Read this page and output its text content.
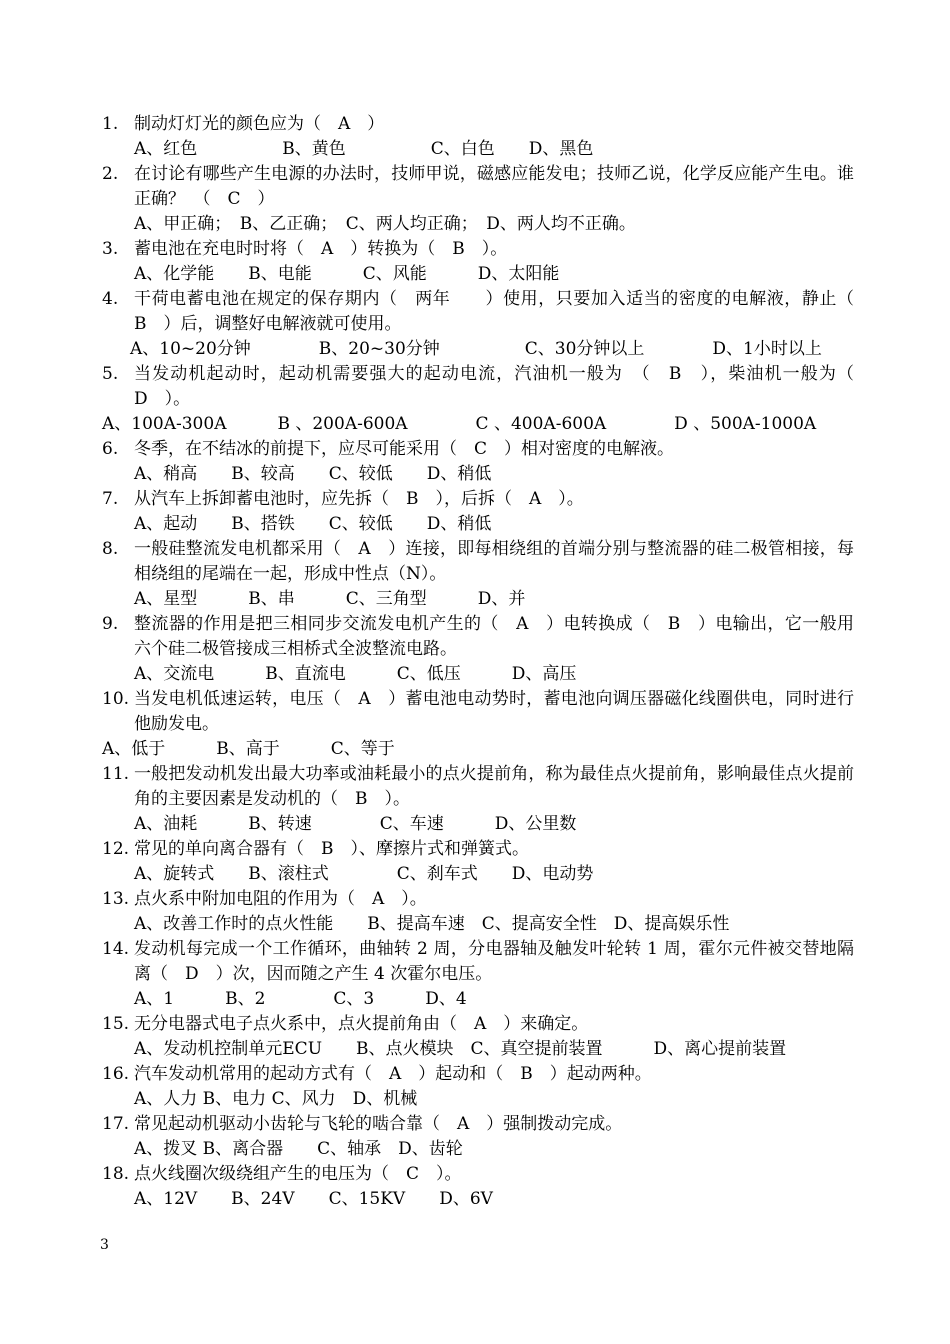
1. 制动灯灯光的颜色应为（　A　）
A、红色　　　　　B、黄色　　　　　C、白色　　D、黑色
2. 在讨论有哪些产生电源的办法时，技师甲说，磁感应能发电；技师乙说，化学反应能产生电。谁正确？　（　C　）
A、甲正确；　B、乙正确；　C、两人均正确；　D、两人均不正确。
3. 蓄电池在充电时时将（　A　）转换为（　B　）。
A、化学能　　B、电能　　　C、风能　　　D、太阳能
4. 干荷电蓄电池在规定的保存期内（　两年　　）使用，只要加入适当的密度的电解液，静止（　B　）后，调整好电解液就可使用。
A、10~20分钟　　　　B、20~30分钟　　　　　C、30分钟以上　　　　D、1小时以上
5. 当发动机起动时，起动机需要强大的起动电流，汽油机一般为　（　B　），柴油机一般为（　D　）。
A、100A-300A　　　B 、200A-600A　　　　C 、400A-600A　　　　D 、500A-1000A
6. 冬季，在不结冰的前提下，应尽可能采用（　C　）相对密度的电解液。
A、稍高　　B、较高　　C、较低　　D、稍低
7. 从汽车上拆卸蓄电池时，应先拆（　B　），后拆（　A　）。
A、起动　　B、搭铁　　C、较低　　D、稍低
8. 一般硅整流发电机都采用（　A　）连接，即每相绕组的首端分别与整流器的硅二极管相接，每相绕组的尾端在一起，形成中性点（N）。
A、星型　　　B、串　　　C、三角型　　　D、并
9. 整流器的作用是把三相同步交流发电机产生的（　A　）电转换成（　B　）电输出，它一般用六个硅二极管接成三相桥式全波整流电路。
A、交流电　　　B、直流电　　　C、低压　　　D、高压
10. 当发电机低速运转，电压（　A　）蓄电池电动势时，蓄电池向调压器磁化线圈供电，同时进行他励发电。
A、低于　　　B、高于　　　C、等于
11. 一般把发动机发出最大功率或油耗最小的点火提前角，称为最佳点火提前角，影响最佳点火提前角的主要因素是发动机的（　B　）。
A、油耗　　　B、转速　　　　C、车速　　　D、公里数
12. 常见的单向离合器有（　B　）、摩擦片式和弹簧式。
A、旋转式　　B、滚柱式　　　　C、刹车式　　D、电动势
13. 点火系中附加电阻的作用为（　A　）。
A、改善工作时的点火性能　　B、提高车速　C、提高安全性　D、提高娱乐性
14. 发动机每完成一个工作循环，曲轴转 2 周，分电器轴及触发叶轮转 1 周，霍尔元件被交替地隔离（　D　）次，因而随之产生 4 次霍尔电压。
A、1　　　B、2　　　　C、3　　　D、4
15. 无分电器式电子点火系中，点火提前角由（　A　）来确定。
A、发动机控制单元ECU　　B、点火模块　C、真空提前装置　　　D、离心提前装置
16. 汽车发动机常用的起动方式有（　A　）起动和（　B　）起动两种。
A、人力 B、电力 C、风力　D、机械
17. 常见起动机驱动小齿轮与飞轮的啮合靠（　A　）强制拨动完成。
A、拨叉 B、离合器　　C、轴承　D、齿轮
18. 点火线圈次级绕组产生的电压为（　C　）。
A、12V　　B、24V　　C、15KV　　D、6V
3
